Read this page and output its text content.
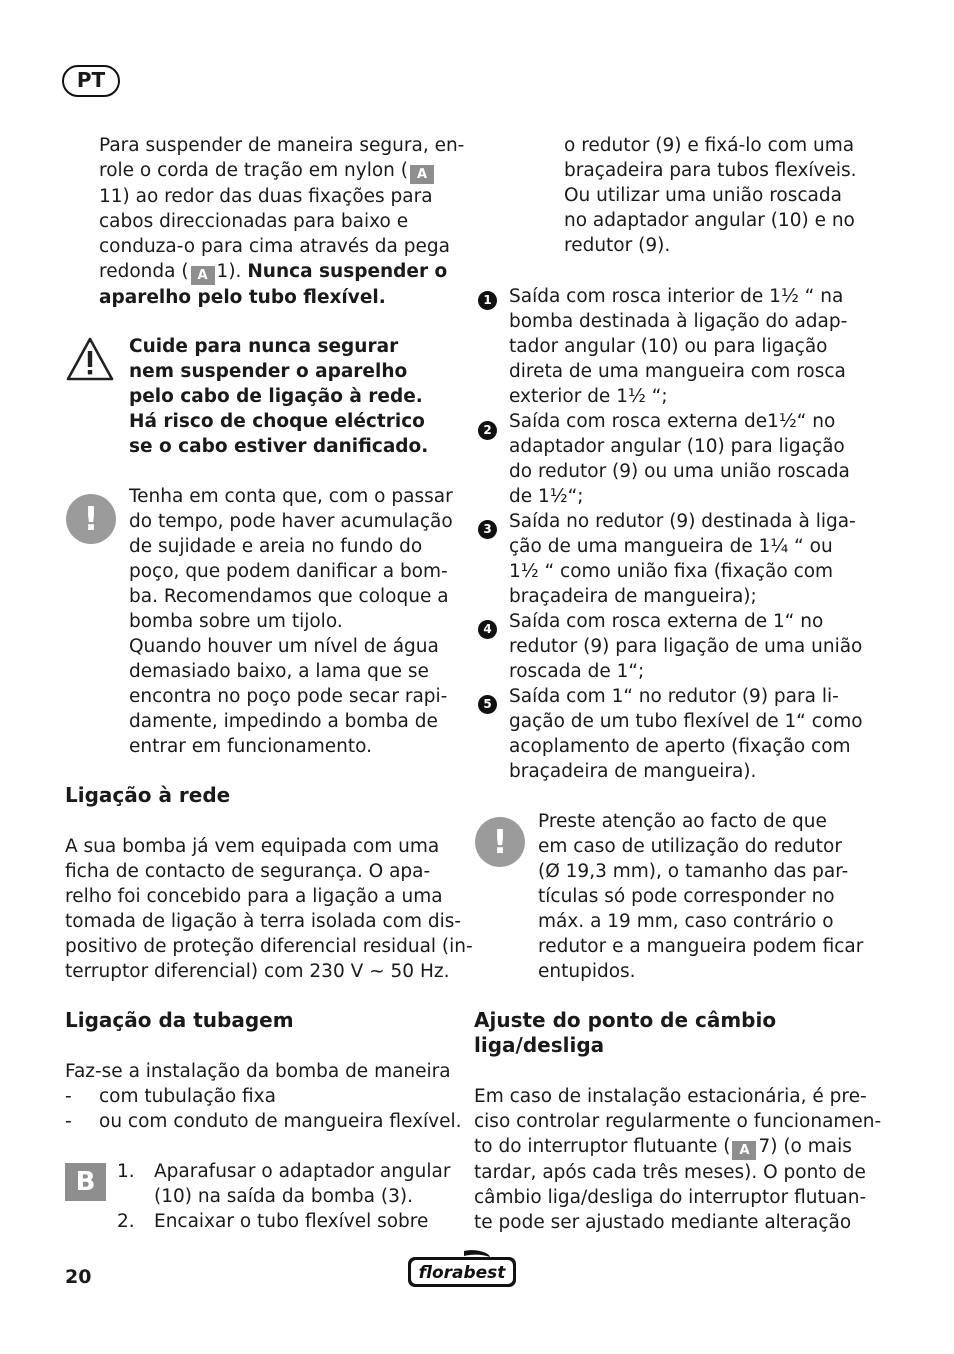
PT
Para suspender de maneira segura, en-
role o corda de tração em nylon ( A
11) ao redor das duas fixações para
cabos direccionadas para baixo e
conduza-o para cima através da pega
redonda ( A 1). Nunca suspender o
aparelho pelo tubo flexível.
Cuide para nunca segurar
nem suspender o aparelho
pelo cabo de ligação à rede.
Há risco de choque eléctrico
se o cabo estiver danificado.
!
Tenha em conta que, com o passar
do tempo, pode haver acumulação
de sujidade e areia no fundo do
poço, que podem danificar a bom-
ba. Recomendamos que coloque a
bomba sobre um tijolo.
Quando houver um nível de água
demasiado baixo, a lama que se
encontra no poço pode secar rapi-
damente, impedindo a bomba de
entrar em funcionamento.
Ligação à rede
A sua bomba já vem equipada com uma
ficha de contacto de segurança. O apa-
relho foi concebido para a ligação a uma
tomada de ligação à terra isolada com dis-
positivo de proteção diferencial residual (in-
terruptor diferencial) com 230 V ~ 50 Hz.
Ligação da tubagem
Faz-se a instalação da bomba de maneira
- com tubulação fixa
- ou com conduto de mangueira flexível.
B	1. Aparafusar o adaptador angular
(10) na saída da bomba (3).
2. Encaixar o tubo flexível sobre
o redutor (9) e fixá-lo com uma
braçadeira para tubos flexíveis.
Ou utilizar uma união roscada
no adaptador angular (10) e no
redutor (9).
1 Saída com rosca interior de 1½ “ na
bomba destinada à ligação do adap-
tador angular (10) ou para ligação
direta de uma mangueira com rosca
exterior de 1½ “;
2 Saída com rosca externa de1½“ no
adaptador angular (10) para ligação
do redutor (9) ou uma união roscada
de 1½“;
3 Saída no redutor (9) destinada à liga-
ção de uma mangueira de 1¼ “ ou
1½ “ como união fixa (fixação com
braçadeira de mangueira);
4 Saída com rosca externa de 1“ no
redutor (9) para ligação de uma união
roscada de 1“;
5 Saída com 1“ no redutor (9) para li-
gação de um tubo flexível de 1“ como
acoplamento de aperto (fixação com
braçadeira de mangueira).
!
Preste atenção ao facto de que
em caso de utilização do redutor
(Ø 19,3 mm), o tamanho das par-
tículas só pode corresponder no
máx. a 19 mm, caso contrário o
redutor e a mangueira podem ficar
entupidos.
Ajuste do ponto de câmbio
liga/desliga
Em caso de instalação estacionária, é pre-
ciso controlar regularmente o funcionamen-
to do interruptor flutuante ( A 7) (o mais
tardar, após cada três meses). O ponto de
câmbio liga/desliga do interruptor flutuan-
te pode ser ajustado mediante alteração
20	florabest
